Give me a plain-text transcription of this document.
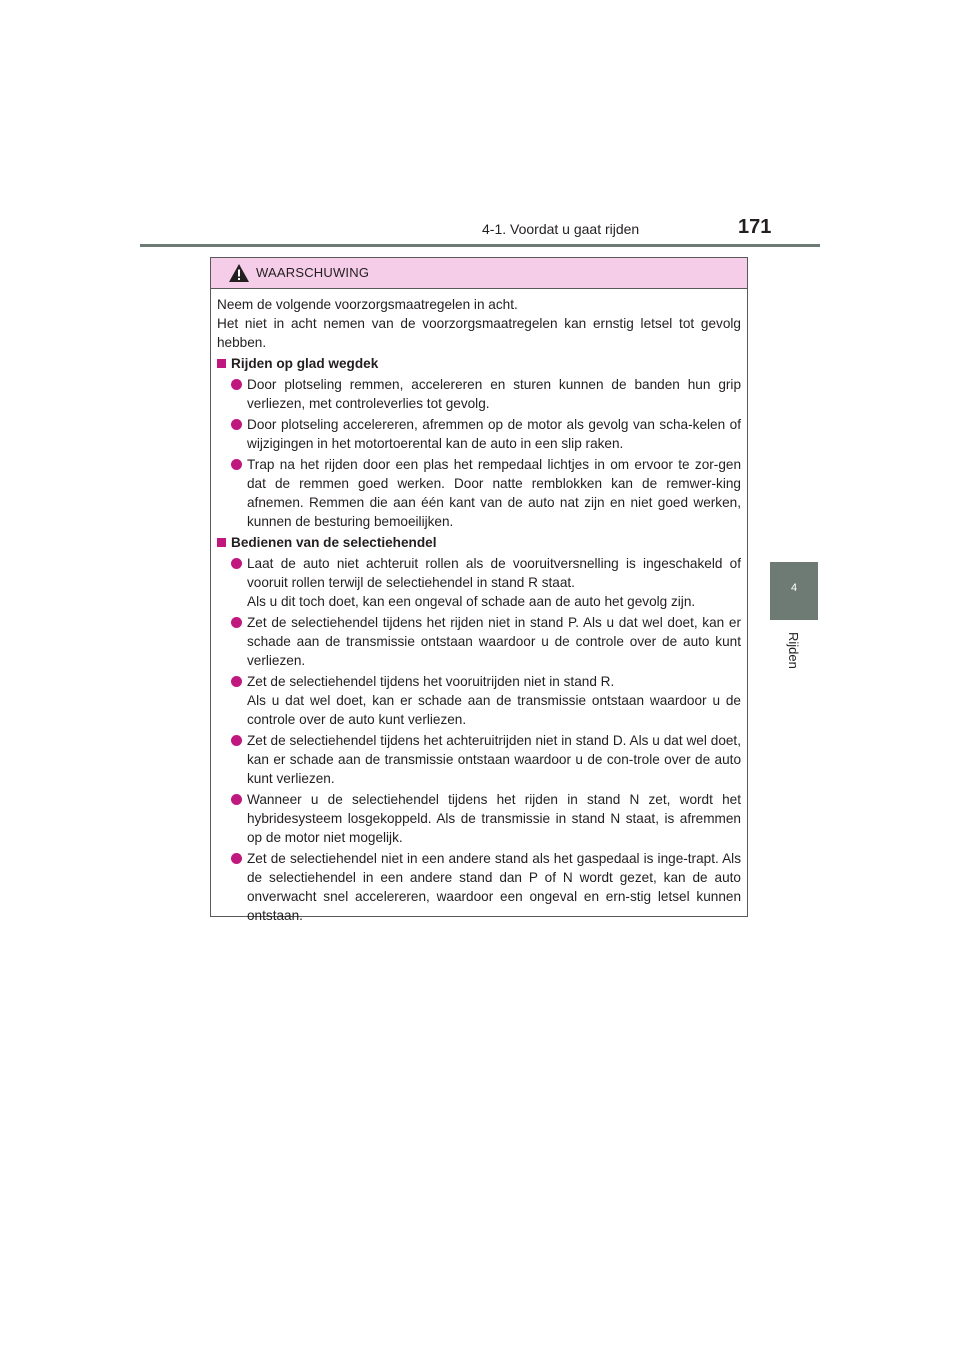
4-1. Voordat u gaat rijden	171
4
Rijden
WAARSCHUWING

Neem de volgende voorzorgsmaatregelen in acht.

Het niet in acht nemen van de voorzorgsmaatregelen kan ernstig letsel tot gevolg hebben.

Rijden op glad wegdek
Door plotseling remmen, accelereren en sturen kunnen de banden hun grip verliezen, met controleverlies tot gevolg.
Door plotseling accelereren, afremmen op de motor als gevolg van scha-kelen of wijzigingen in het motortoerental kan de auto in een slip raken.
Trap na het rijden door een plas het rempedaal lichtjes in om ervoor te zor-gen dat de remmen goed werken. Door natte remblokken kan de remwer-king afnemen. Remmen die aan één kant van de auto nat zijn en niet goed werken, kunnen de besturing bemoeilijken.
Bedienen van de selectiehendel
Laat de auto niet achteruit rollen als de vooruitversnelling is ingeschakeld of vooruit rollen terwijl de selectiehendel in stand R staat.
Als u dit toch doet, kan een ongeval of schade aan de auto het gevolg zijn.
Zet de selectiehendel tijdens het rijden niet in stand P. Als u dat wel doet, kan er schade aan de transmissie ontstaan waardoor u de controle over de auto kunt verliezen.
Zet de selectiehendel tijdens het vooruitrijden niet in stand R.
Als u dat wel doet, kan er schade aan de transmissie ontstaan waardoor u de controle over de auto kunt verliezen.
Zet de selectiehendel tijdens het achteruitrijden niet in stand D. Als u dat wel doet, kan er schade aan de transmissie ontstaan waardoor u de con-trole over de auto kunt verliezen.
Wanneer u de selectiehendel tijdens het rijden in stand N zet, wordt het hybridesysteem losgekoppeld. Als de transmissie in stand N staat, is afremmen op de motor niet mogelijk.
Zet de selectiehendel niet in een andere stand als het gaspedaal is inge-trapt. Als de selectiehendel in een andere stand dan P of N wordt gezet, kan de auto onverwacht snel accelereren, waardoor een ongeval en ern-stig letsel kunnen ontstaan.
